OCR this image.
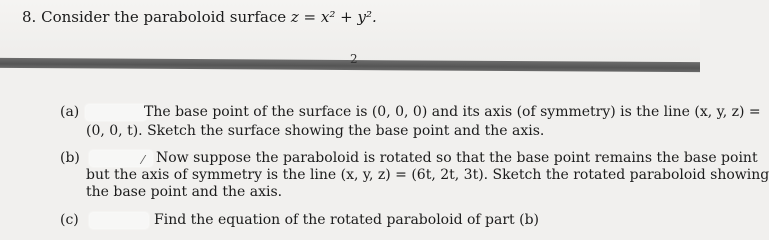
8. Consider the paraboloid surface z = x² + y².
2
(a)	The base point of the surface is (0, 0, 0) and its axis (of symmetry) is the line (x, y, z) =
(0, 0, t). Sketch the surface showing the base point and the axis.
(b)	⁄ Now suppose the paraboloid is rotated so that the base point remains the base point
but the axis of symmetry is the line (x, y, z) = (6t, 2t, 3t). Sketch the rotated paraboloid showing
the base point and the axis.
(c)	Find the equation of the rotated paraboloid of part (b)
